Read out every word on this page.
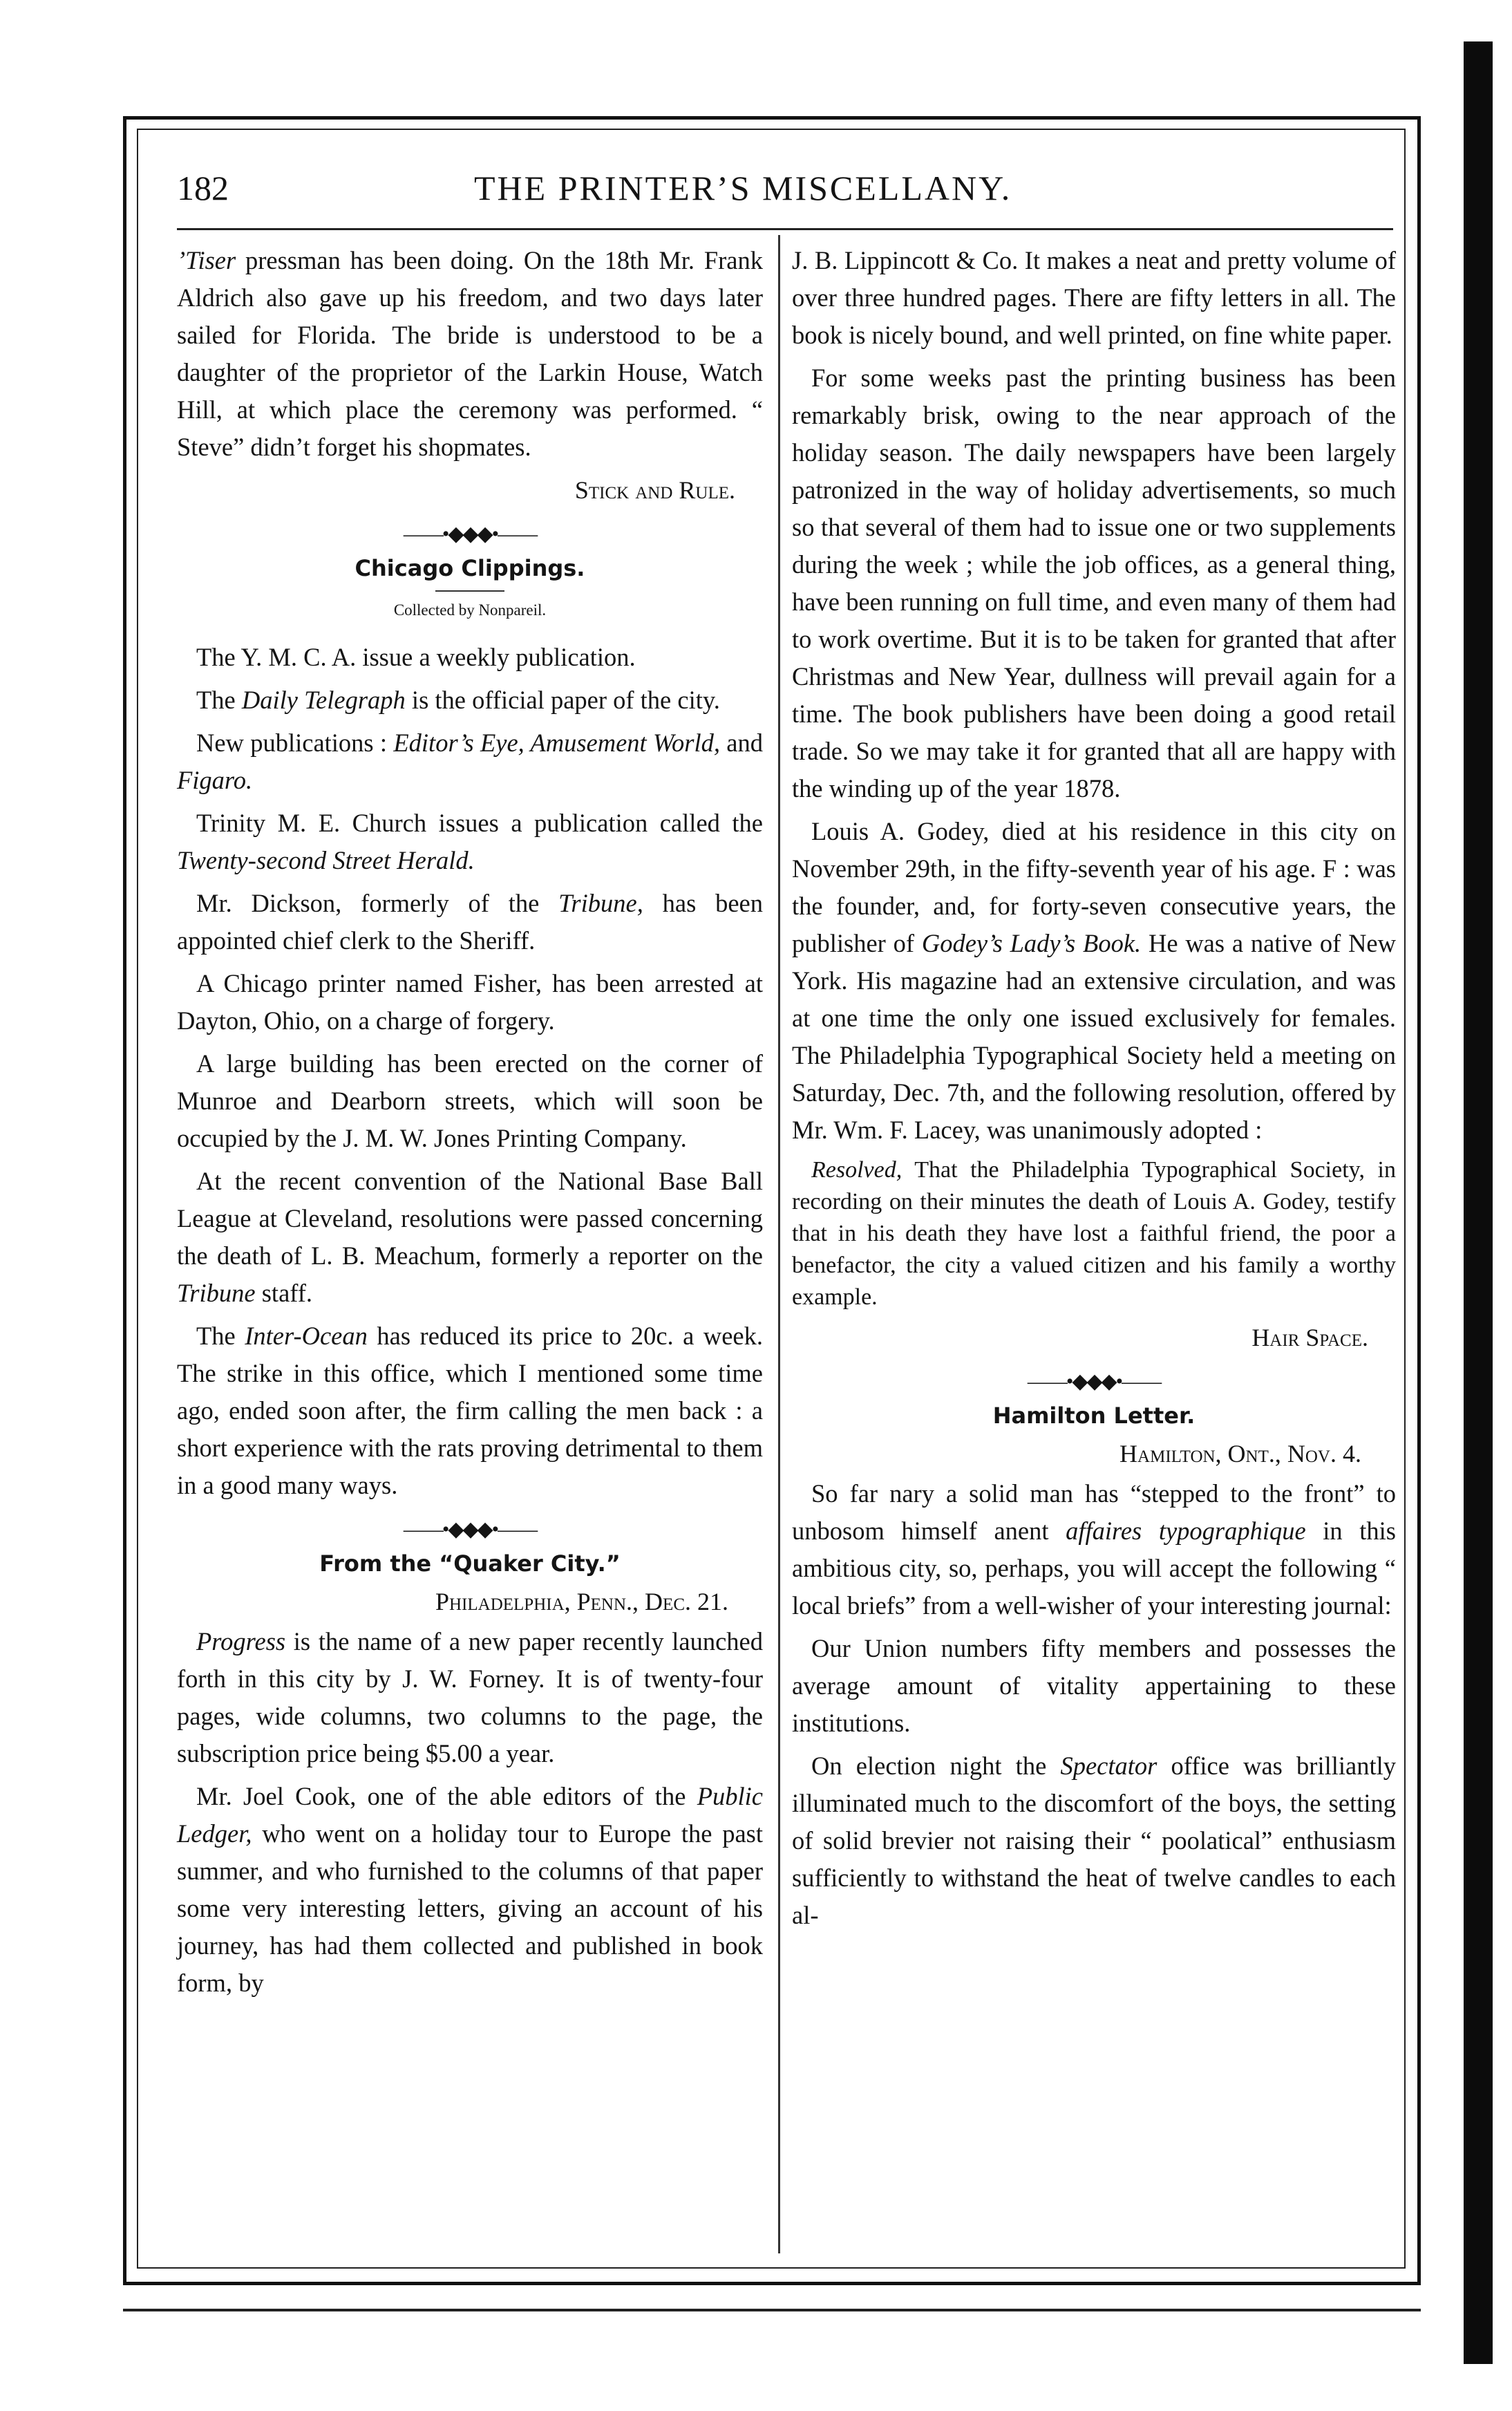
182	THE PRINTER’S MISCELLANY.

’Tiser pressman has been doing. On the 18th Mr. Frank Aldrich also gave up his freedom, and two days later sailed for Florida. The bride is understood to be a daughter of the proprietor of the Larkin House, Watch Hill, at which place the ceremony was performed. “ Steve” didn’t forget his shopmates.

Stick and Rule.
——•◆◆◆•——
Chicago Clippings.
Collected by Nonpareil.

The Y. M. C. A. issue a weekly publication.

The Daily Telegraph is the official paper of the city.

New publications : Editor’s Eye, Amusement World, and Figaro.

Trinity M. E. Church issues a publication called the Twenty-second Street Herald.

Mr. Dickson, formerly of the Tribune, has been appointed chief clerk to the Sheriff.

A Chicago printer named Fisher, has been arrested at Dayton, Ohio, on a charge of forgery.

A large building has been erected on the corner of Munroe and Dearborn streets, which will soon be occupied by the J. M. W. Jones Printing Company.

At the recent convention of the National Base Ball League at Cleveland, resolutions were passed concerning the death of L. B. Meachum, formerly a reporter on the Tribune staff.

The Inter-Ocean has reduced its price to 20c. a week. The strike in this office, which I mentioned some time ago, ended soon after, the firm calling the men back : a short experience with the rats proving detrimental to them in a good many ways.

——•◆◆◆•——
From the “Quaker City.”
Philadelphia, Penn., Dec. 21.

Progress is the name of a new paper recently launched forth in this city by J. W. Forney. It is of twenty-four pages, wide columns, two columns to the page, the subscription price being $5.00 a year.

Mr. Joel Cook, one of the able editors of the Public Ledger, who went on a holiday tour to Europe the past summer, and who furnished to the columns of that paper some very interesting letters, giving an account of his journey, has had them collected and published in book form, by

J. B. Lippincott & Co. It makes a neat and pretty volume of over three hundred pages. There are fifty letters in all. The book is nicely bound, and well printed, on fine white paper.

For some weeks past the printing business has been remarkably brisk, owing to the near approach of the holiday season. The daily newspapers have been largely patronized in the way of holiday advertisements, so much so that several of them had to issue one or two supplements during the week ; while the job offices, as a general thing, have been running on full time, and even many of them had to work overtime. But it is to be taken for granted that after Christmas and New Year, dullness will prevail again for a time. The book publishers have been doing a good retail trade. So we may take it for granted that all are happy with the winding up of the year 1878.

Louis A. Godey, died at his residence in this city on November 29th, in the fifty-seventh year of his age. F : was the founder, and, for forty-seven consecutive years, the publisher of Godey’s Lady’s Book. He was a native of New York. His magazine had an extensive circulation, and was at one time the only one issued exclusively for females. The Philadelphia Typographical Society held a meeting on Saturday, Dec. 7th, and the following resolution, offered by Mr. Wm. F. Lacey, was unanimously adopted :

Resolved, That the Philadelphia Typographical Society, in recording on their minutes the death of Louis A. Godey, testify that in his death they have lost a faithful friend, the poor a benefactor, the city a valued citizen and his family a worthy example.

Hair Space.
——•◆◆◆•——
Hamilton Letter.
Hamilton, Ont., Nov. 4.

So far nary a solid man has “stepped to the front” to unbosom himself anent affaires typographique in this ambitious city, so, perhaps, you will accept the following “ local briefs” from a well-wisher of your interesting journal:

Our Union numbers fifty members and possesses the average amount of vitality appertaining to these institutions.

On election night the Spectator office was brilliantly illuminated much to the discomfort of the boys, the setting of solid brevier not raising their “ poolatical” enthusiasm sufficiently to withstand the heat of twelve candles to each al-
